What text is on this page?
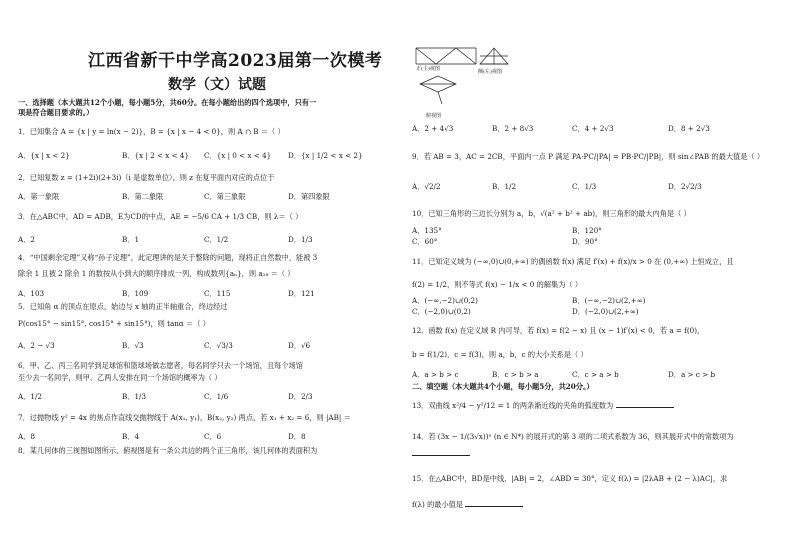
江西省新干中学高2023届第一次模考
数学（文）试题
一、选择题（本大题共12个小题，每小题5分，共60分。在每小题给出的四个选项中，只有一
项是符合题目要求的。）
1．已知集合 A = {x | y = ln(x − 2)}，B = {x | x − 4 < 0}，则 A ∩ B ＝（ ）
A．{x | x < 2}	B．{x | 2 < x < 4} C．{x | 0 < x < 4} D．{x | 1/2 < x < 2}
2．已知复数 z = (1+2i)(2+3i)（i 是虚数单位），则 z 在复平面内对应的点位于
A．第一象限	B．第二象限	C．第三象限	D．第四象限
3．在△ABC中，AD = ADB，E为CD的中点，AE = −5/6 CA + 1/3 CB，则 λ＝（ ）
A．2	B．1	C．1/2	D．1/3
4．“中国剩余定理”又称“孙子定理”，此定理讲的是关于整除的问题，现将正自然数中，能被 3
除余 1 且被 2 除余 1 的数按从小到大的顺序排成一列，构成数列{aₙ}，则 a₁₈ ＝（ ）
A．103	B．109	C．115	D．121
5．已知角 α 的顶点在原点，始边与 x 轴的正半轴重合，终边经过
P(cos15° − sin15°, cos15° + sin15°)，则 tanα ＝（ ）
A．2 − √3	B．√3	C．√3/3	D．√6
6．甲、乙、丙三名同学到足球馆和篮球场做志愿者，每名同学只去一个场馆，且每个场馆
至少去一名同学，则甲、乙两人安排在同一个场馆的概率为（ ）
A．1/2	B．1/3	C．1/6	D．2/3
7．过抛物线 y² = 4x 的焦点作直线交抛物线于 A(x₁, y₁)，B(x₂, y₂) 两点，若 x₁ + x₂ = 6，则 |AB| ＝
A．8	B．4	C．6	D．8
8．某几何体的三视图如图所示，俯视图是有一条公共边的两个正三角形，该几何体的表面积为
正(主)视图
俯视图
侧(左)视图
A．2 + 4√3	B．2 + 8√3	C．4 + 2√3	D．8 + 2√3
9．若 AB = 3，AC = 2CB，平面内一点 P 满足 PA·PC/|PA| = PB·PC/|PB|，则 sin∠PAB 的最大值是（ ）
A．√2/2	B．1/2	C．1/3	D．2√2/3
10．已知三角形的三边长分别为 a，b，√(a² + b² + ab)，则三角形的最大内角是（ ）
A．135°	B．120°
C．60°	D．90°
11．已知定义域为 (−∞,0)∪(0,+∞) 的偶函数 f(x) 满足 f′(x) + f(x)/x > 0 在 (0,+∞) 上恒成立，且
f(2) = 1/2，则不等式 f(x) − 1/x < 0 的解集为（ ）
A．(−∞,−2)∪(0,2)	B．(−∞,−2)∪(2,+∞)
C．(−2,0)∪(0,2)	D．(−2,0)∪(2,+∞)
12．函数 f(x) 在定义域 R 内可导，若 f(x) = f(2 − x) 且 (x − 1)f′(x) < 0，若 a = f(0)，
b = f(1/2)，c = f(3)，则 a，b，c 的大小关系是（ ）
A．a > b > c	B．c > b > a	C．c > a > b	D．a > c > b
二、填空题（本大题共4个小题，每小题5分，共20分。）
13．双曲线 x²/4 − y²/12 = 1 的两条渐近线的夹角的弧度数为
14．若 (3x − 1/(3√x))ⁿ (n ∈ N*) 的展开式的第 3 项的二项式系数为 36，则其展开式中的常数项为
15．在△ABC中，BD是中线，|AB| = 2，∠ABD = 30°，定义 f(λ) = |2λAB + (2 − λ)AC|，求
f(λ) 的最小值是
